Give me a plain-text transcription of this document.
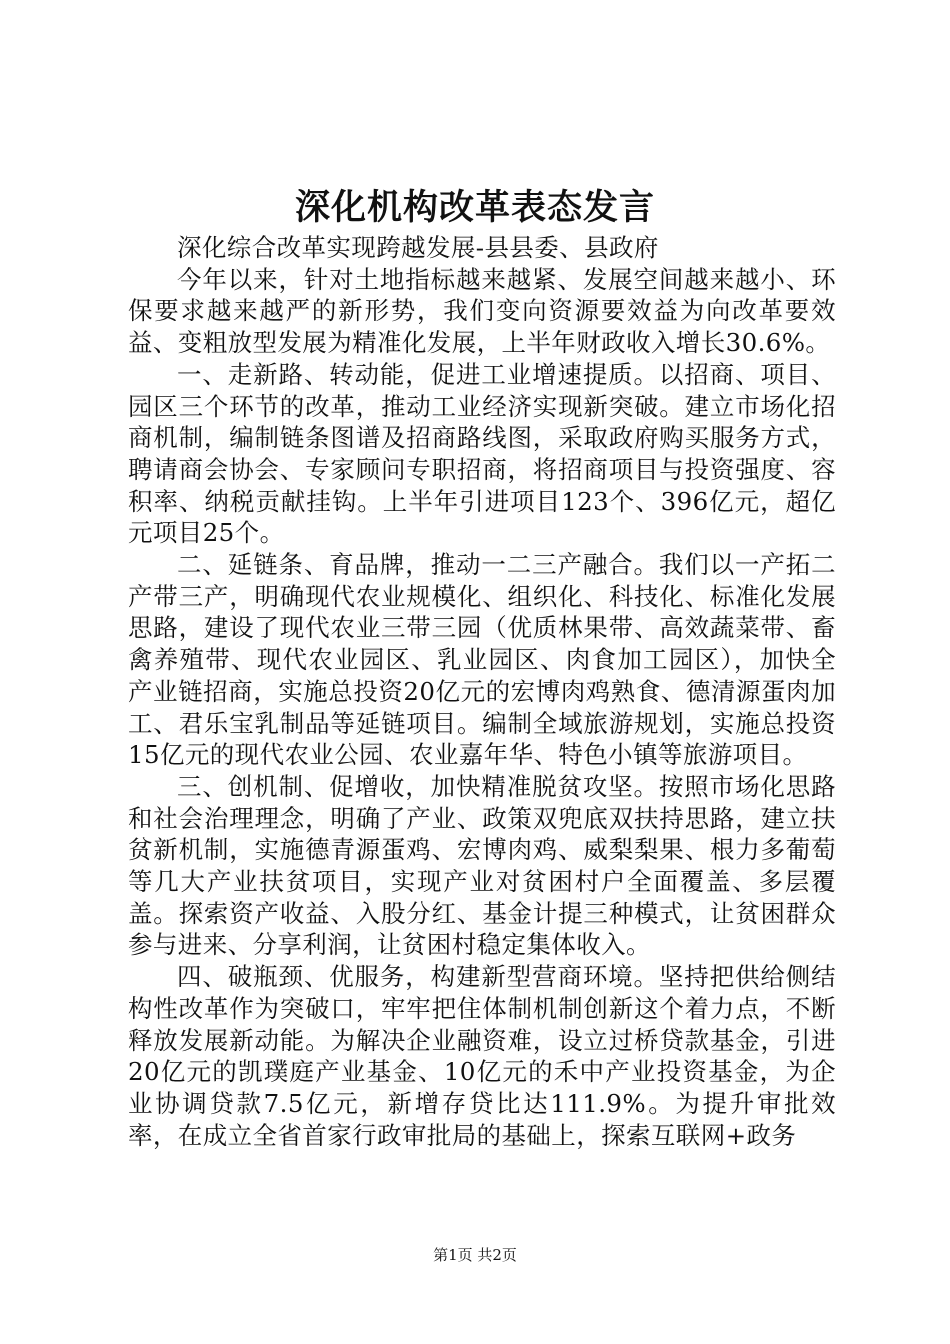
深化机构改革表态发言

深化综合改革实现跨越发展-县县委、县政府

今年以来，针对土地指标越来越紧、发展空间越来越小、环保要求越来越严的新形势，我们变向资源要效益为向改革要效益、变粗放型发展为精准化发展，上半年财政收入增长30.6%。

一、走新路、转动能，促进工业增速提质。以招商、项目、园区三个环节的改革，推动工业经济实现新突破。建立市场化招商机制，编制链条图谱及招商路线图，采取政府购买服务方式，聘请商会协会、专家顾问专职招商，将招商项目与投资强度、容积率、纳税贡献挂钩。上半年引进项目123个、396亿元，超亿元项目25个。

二、延链条、育品牌，推动一二三产融合。我们以一产拓二产带三产，明确现代农业规模化、组织化、科技化、标准化发展思路，建设了现代农业三带三园（优质林果带、高效蔬菜带、畜禽养殖带、现代农业园区、乳业园区、肉食加工园区），加快全产业链招商，实施总投资20亿元的宏博肉鸡熟食、德清源蛋肉加工、君乐宝乳制品等延链项目。编制全域旅游规划，实施总投资15亿元的现代农业公园、农业嘉年华、特色小镇等旅游项目。

三、创机制、促增收，加快精准脱贫攻坚。按照市场化思路和社会治理理念，明确了产业、政策双兜底双扶持思路，建立扶贫新机制，实施德青源蛋鸡、宏博肉鸡、威梨梨果、根力多葡萄等几大产业扶贫项目，实现产业对贫困村户全面覆盖、多层覆盖。探索资产收益、入股分红、基金计提三种模式，让贫困群众参与进来、分享利润，让贫困村稳定集体收入。

四、破瓶颈、优服务，构建新型营商环境。坚持把供给侧结构性改革作为突破口，牢牢把住体制机制创新这个着力点，不断释放发展新动能。为解决企业融资难，设立过桥贷款基金，引进20亿元的凯璞庭产业基金、10亿元的禾中产业投资基金，为企业协调贷款7.5亿元，新增存贷比达111.9%。为提升审批效率，在成立全省首家行政审批局的基础上，探索互联网+政务

第1页 共2页
